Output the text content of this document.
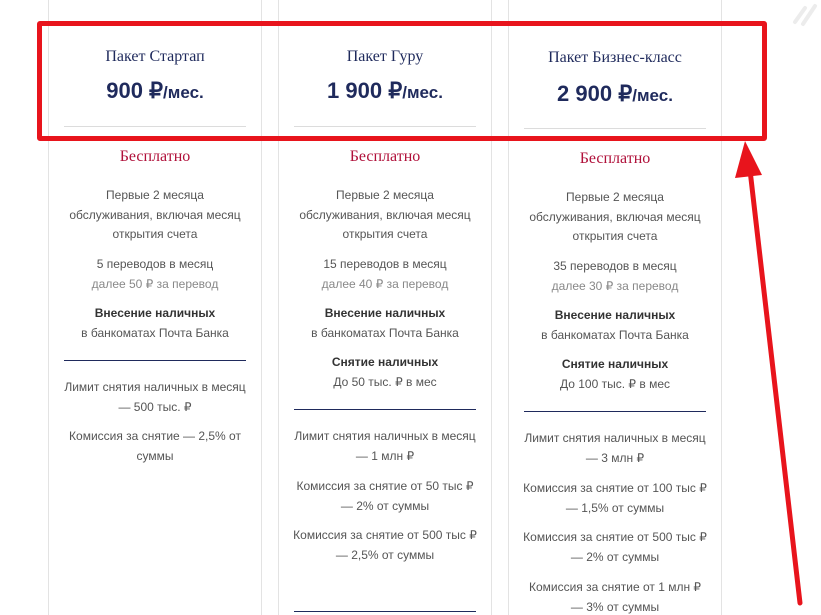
Пакет Стартап
900 ₽/мес.
Бесплатно
Первые 2 месяца
обслуживания, включая месяц
открытия счета
5 переводов в месяц
далее 50 ₽ за перевод
Внесение наличных
в банкоматах Почта Банка
Лимит снятия наличных в месяц
— 500 тыс. ₽
Комиссия за снятие — 2,5% от
суммы
Пакет Гуру
1 900 ₽/мес.
Бесплатно
Первые 2 месяца
обслуживания, включая месяц
открытия счета
15 переводов в месяц
далее 40 ₽ за перевод
Внесение наличных
в банкоматах Почта Банка
Снятие наличных
До 50 тыс. ₽ в мес
Лимит снятия наличных в месяц
— 1 млн ₽
Комиссия за снятие от 50 тыс ₽
— 2% от суммы
Комиссия за снятие от 500 тыс ₽
— 2,5% от суммы
Пакет Бизнес-класс
2 900 ₽/мес.
Бесплатно
Первые 2 месяца
обслуживания, включая месяц
открытия счета
35 переводов в месяц
далее 30 ₽ за перевод
Внесение наличных
в банкоматах Почта Банка
Снятие наличных
До 100 тыс. ₽ в мес
Лимит снятия наличных в месяц
— 3 млн ₽
Комиссия за снятие от 100 тыс ₽
— 1,5% от суммы
Комиссия за снятие от 500 тыс ₽
— 2% от суммы
Комиссия за снятие от 1 млн ₽
— 3% от суммы
